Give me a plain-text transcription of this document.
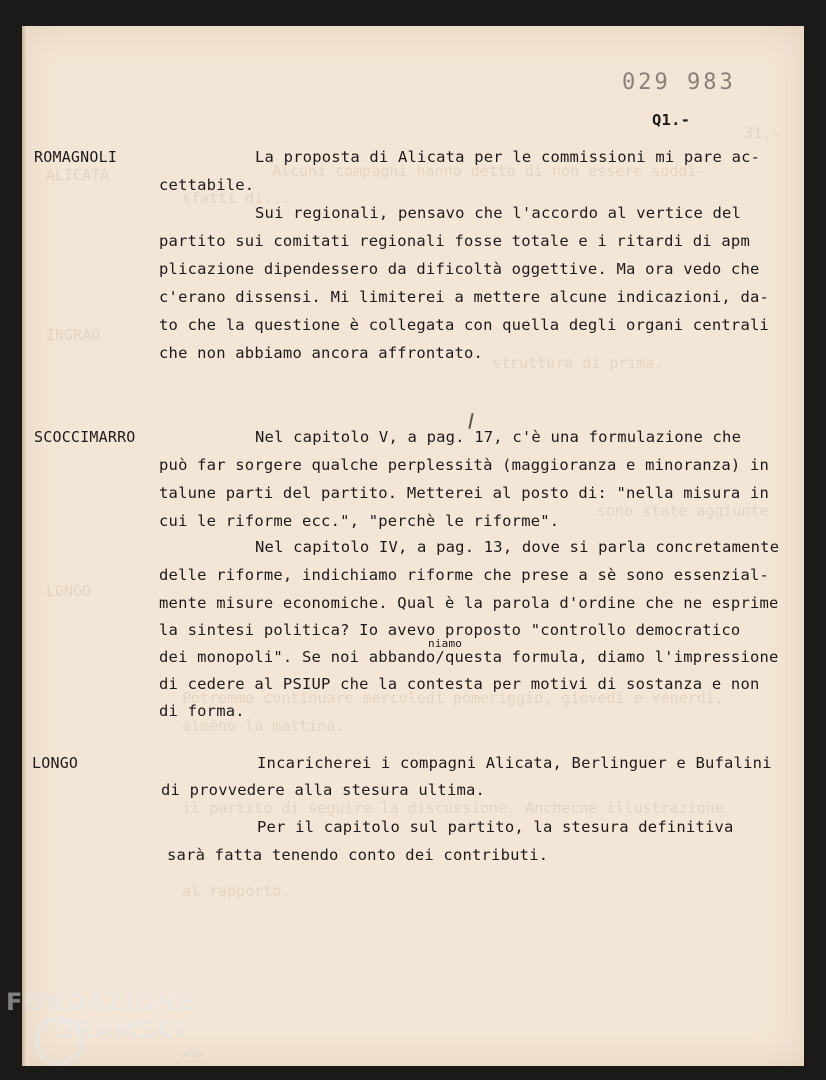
31.-
ALICATA	Alcuni compagni hanno detto di non essere soddi-
sfatti di...
INGRAO
struttura di prima.
sono state aggiunte
LONGO
Potremmo continuare mercoledì pomeriggio, giovedì e venerdì,
almeno la mattina.
il partito di seguire la discussione. Anchecne illustrazione
al rapporto.
029 983
Q1.-
ROMAGNOLI	La proposta di Alicata per le commissioni mi pare ac-
cettabile.
Sui regionali, pensavo che l'accordo al vertice del
partito sui comitati regionali fosse totale e i ritardi di apm
plicazione dipendessero da dificoltà oggettive. Ma ora vedo che
c'erano dissensi. Mi limiterei a mettere alcune indicazioni, da-
to che la questione è collegata con quella degli organi centrali
che non abbiamo ancora affrontato.
SCOCCIMARRO	Nel capitolo V, a pag. 17, c'è una formulazione che
può far sorgere qualche perplessità (maggioranza e minoranza) in
talune parti del partito. Metterei al posto di: "nella misura in
cui le riforme ecc.", "perchè le riforme".
Nel capitolo IV, a pag. 13, dove si parla concretamente
delle riforme, indichiamo riforme che prese a sè sono essenzial-
mente misure economiche. Qual è la parola d'ordine che ne esprime
la sintesi politica? Io avevo proposto "controllo democratico
niamo
dei monopoli". Se noi abbando/questa formula, diamo l'impressione
di cedere al PSIUP che la contesta per motivi di sostanza e non
di forma.
LONGO	Incaricherei i compagni Alicata, Berlinguer e Bufalini
di provvedere alla stesura ultima.
Per il capitolo sul partito, la stesura definitiva
sarà fatta tenendo conto dei contributi.
FONDAZIONE
GRAMSCI
onlus
